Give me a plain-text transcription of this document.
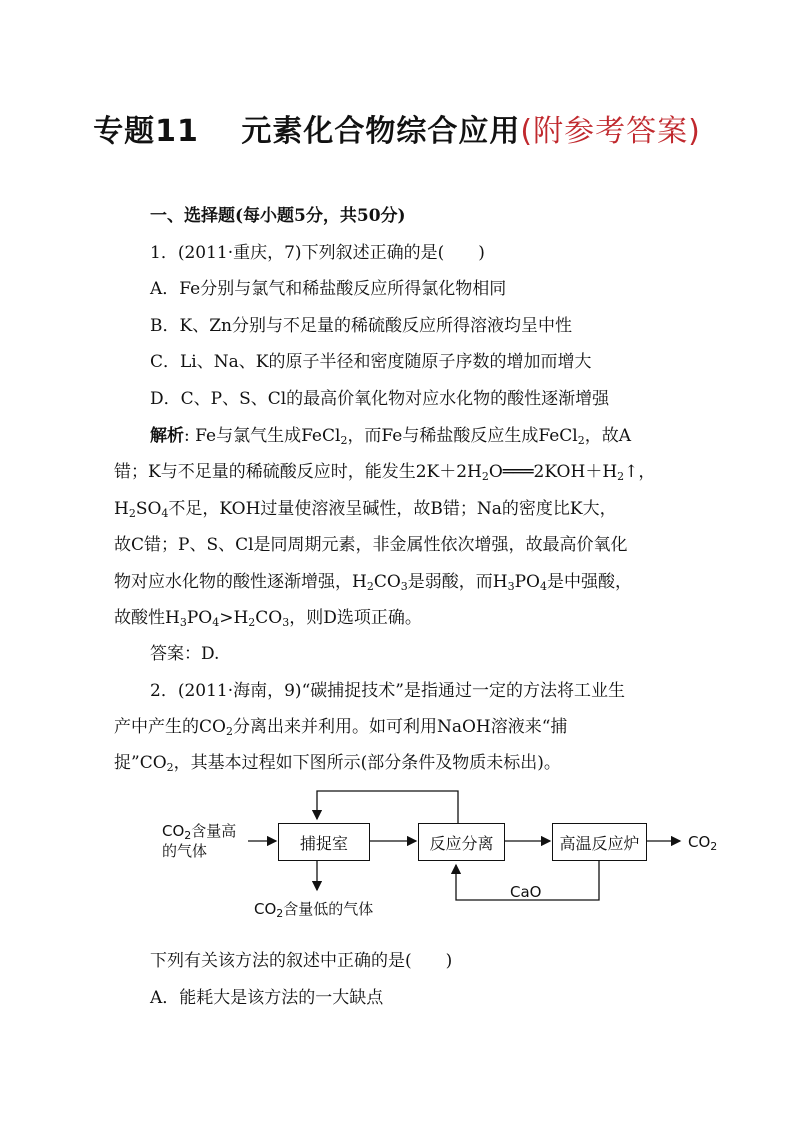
专题11　 元素化合物综合应用(附参考答案)
一、选择题(每小题5分，共50分)
1．(2011·重庆，7)下列叙述正确的是(　　)
A．Fe分别与氯气和稀盐酸反应所得氯化物相同
B．K、Zn分别与不足量的稀硫酸反应所得溶液均呈中性
C．Li、Na、K的原子半径和密度随原子序数的增加而增大
D．C、P、S、Cl的最高价氧化物对应水化物的酸性逐渐增强
解析: Fe与氯气生成FeCl$_2$，而Fe与稀盐酸反应生成FeCl$_2$，故A
错；K与不足量的稀硫酸反应时，能发生$2K+2H_2O═══2KOH+H_2↑$，
$H_2SO_4$不足，KOH过量使溶液呈碱性，故B错；Na的密度比K大，
故C错；P、S、Cl是同周期元素，非金属性依次增强，故最高价氧化
物对应水化物的酸性逐渐增强，$H_2CO_3$是弱酸，而$H_3PO_4$是中强酸，
故酸性$H_3PO_4>H_2CO_3$，则D选项正确。
答案：D.
2．(2011·海南，9)“碳捕捉技术”是指通过一定的方法将工业生
产中产生的$CO_2$分离出来并利用。如可利用NaOH溶液来“捕
捉$”CO_2$，其基本过程如下图所示(部分条件及物质未标出)。
$CO_2$含量高
的气体	捕捉室	反应分离	高温反应炉	$CO_2$
CaO
$CO_2$含量低的气体
下列有关该方法的叙述中正确的是(　　)
A．能耗大是该方法的一大缺点
